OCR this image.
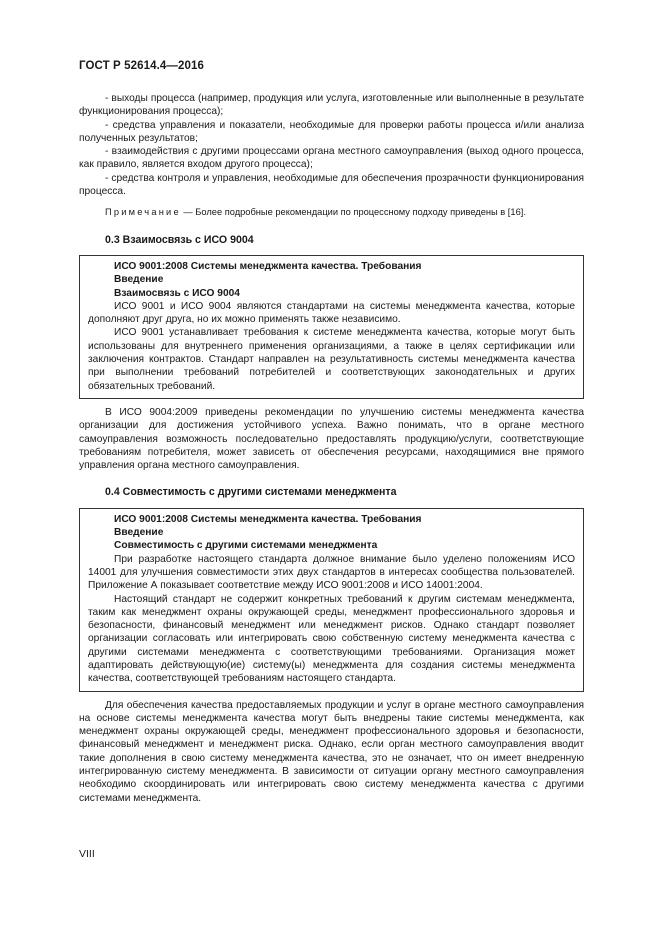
ГОСТ Р 52614.4—2016

- выходы процесса (например, продукция или услуга, изготовленные или выполненные в результате функционирования процесса);

- средства управления и показатели, необходимые для проверки работы процесса и/или анализа полученных результатов;

- взаимодействия с другими процессами органа местного самоуправления (выход одного процесса, как правило, является входом другого процесса);

- средства контроля и управления, необходимые для обеспечения прозрачности функционирования процесса.

Примечание — Более подробные рекомендации по процессному подходу приведены в [16].

0.3 Взаимосвязь с ИСО 9004

ИСО 9001:2008 Системы менеджмента качества. Требования

Введение

Взаимосвязь с ИСО 9004

ИСО 9001 и ИСО 9004 являются стандартами на системы менеджмента качества, которые дополняют друг друга, но их можно применять также независимо.

ИСО 9001 устанавливает требования к системе менеджмента качества, которые могут быть использованы для внутреннего применения организациями, а также в целях сертификации или заключения контрактов. Стандарт направлен на результативность системы менеджмента качества при выполнении требований потребителей и соответствующих законодательных и других обязательных требований.

В ИСО 9004:2009 приведены рекомендации по улучшению системы менеджмента качества организации для достижения устойчивого успеха. Важно понимать, что в органе местного самоуправления возможность последовательно предоставлять продукцию/услуги, соответствующие требованиям потребителя, может зависеть от обеспечения ресурсами, находящимися вне прямого управления органа местного самоуправления.

0.4 Совместимость с другими системами менеджмента

ИСО 9001:2008 Системы менеджмента качества. Требования

Введение

Совместимость с другими системами менеджмента

При разработке настоящего стандарта должное внимание было уделено положениям ИСО 14001 для улучшения совместимости этих двух стандартов в интересах сообщества пользователей. Приложение А показывает соответствие между ИСО 9001:2008 и ИСО 14001:2004.

Настоящий стандарт не содержит конкретных требований к другим системам менеджмента, таким как менеджмент охраны окружающей среды, менеджмент профессионального здоровья и безопасности, финансовый менеджмент или менеджмент рисков. Однако стандарт позволяет организации согласовать или интегрировать свою собственную систему менеджмента качества с другими системами менеджмента с соответствующими требованиями. Организация может адаптировать действующую(ие) систему(ы) менеджмента для создания системы менеджмента качества, соответствующей требованиям настоящего стандарта.

Для обеспечения качества предоставляемых продукции и услуг в органе местного самоуправления на основе системы менеджмента качества могут быть внедрены такие системы менеджмента, как менеджмент охраны окружающей среды, менеджмент профессионального здоровья и безопасности, финансовый менеджмент и менеджмент риска. Однако, если орган местного самоуправления вводит такие дополнения в свою систему менеджмента качества, это не означает, что он имеет внедренную интегрированную систему менеджмента. В зависимости от ситуации органу местного самоуправления необходимо скоординировать или интегрировать свою систему менеджмента качества с другими системами менеджмента.

VIII
